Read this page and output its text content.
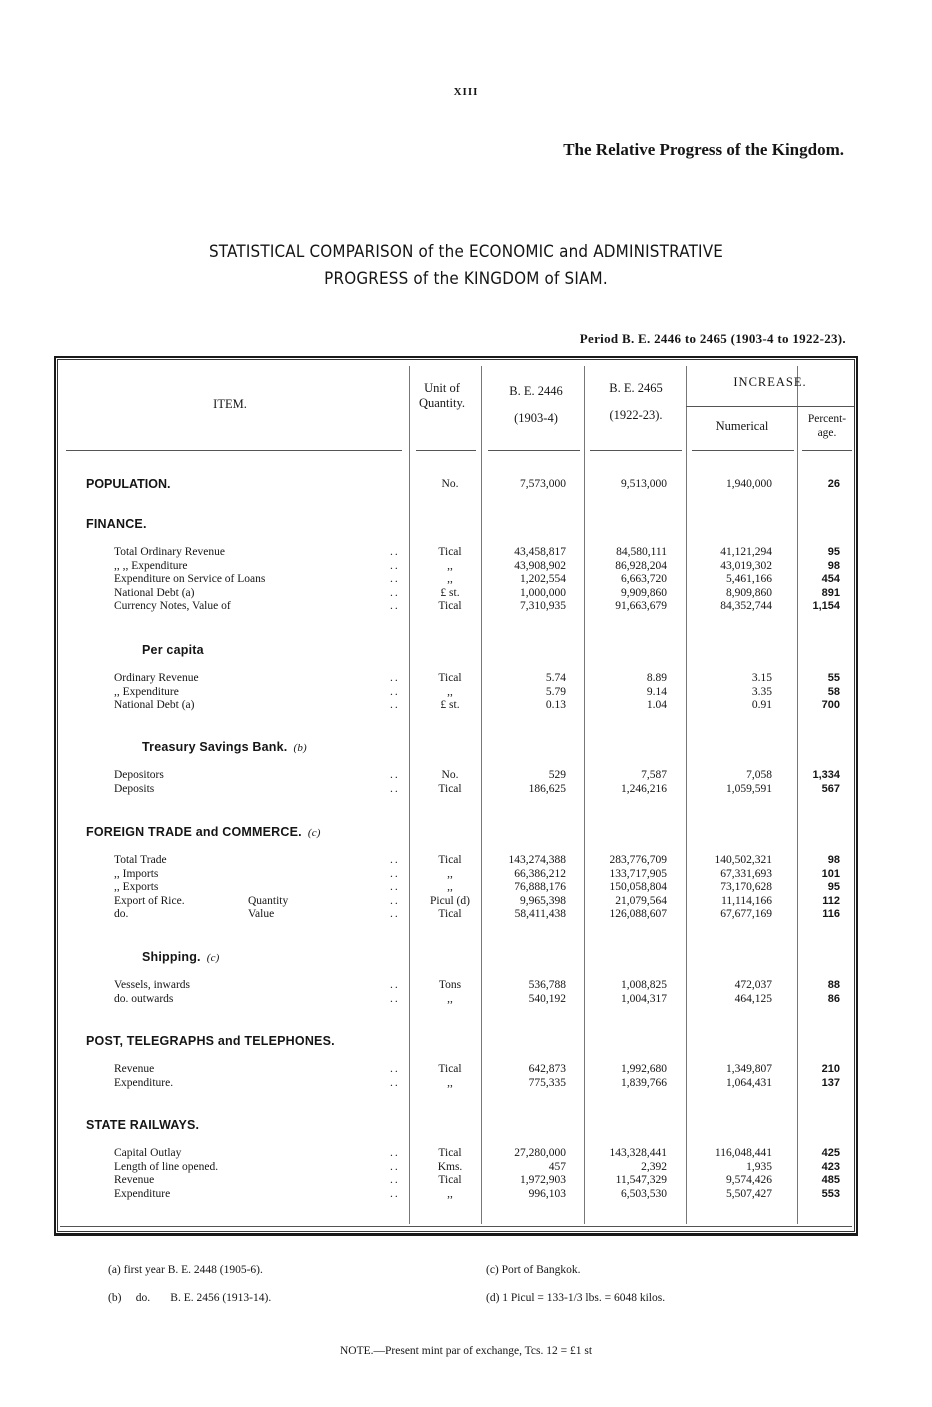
XIII
The Relative Progress of the Kingdom.
STATISTICAL COMPARISON of the ECONOMIC and ADMINISTRATIVE
PROGRESS of the KINGDOM of SIAM.
Period B. E. 2446 to 2465 (1903-4 to 1922-23).
ITEM.
Unit of Quantity.
B. E. 2446
(1903-4)
B. E. 2465
(1922-23).
INCREASE.
Numerical	Percent-age.
POPULATION.	No.	7,573,000	9,513,000	1,940,000	26
FINANCE.
Per capita
Treasury Savings Bank. (b)
FOREIGN TRADE and COMMERCE. (c)
Shipping. (c)
POST, TELEGRAPHS and TELEPHONES.
STATE RAILWAYS.
Total Ordinary Revenue	Tical	43,458,817	84,580,111	41,121,294	95
..
,, ,, Expenditure	,,	43,908,902	86,928,204	43,019,302	98
..
Expenditure on Service of Loans	,,	1,202,554	6,663,720	5,461,166	454
..
National Debt (a)	£ st.	1,000,000	9,909,860	8,909,860	891
..
Currency Notes, Value of	Tical	7,310,935	91,663,679	84,352,744	1,154
..
Ordinary Revenue	Tical	5.74	8.89	3.15	55
..
,, Expenditure	,,	5.79	9.14	3.35	58
..
National Debt (a)	£ st.	0.13	1.04	0.91	700
..
Depositors	No.	529	7,587	7,058	1,334
..
Deposits	Tical	186,625	1,246,216	1,059,591	567
..
Total Trade	Tical	143,274,388	283,776,709	140,502,321	98
..
,, Imports	,,	66,386,212	133,717,905	67,331,693	101
..
,, Exports	,,	76,888,176	150,058,804	73,170,628	95
..
Export of Rice.	Quantity	Picul (d)	9,965,398	21,079,564	11,114,166	112
..
do.	Value	Tical	58,411,438	126,088,607	67,677,169	116
..
Vessels, inwards	Tons	536,788	1,008,825	472,037	88
..
do. outwards	,,	540,192	1,004,317	464,125	86
..
Revenue	Tical	642,873	1,992,680	1,349,807	210
..
Expenditure.	,,	775,335	1,839,766	1,064,431	137
..
Capital Outlay	Tical	27,280,000	143,328,441	116,048,441	425
..
Length of line opened.	Kms.	457	2,392	1,935	423
..
Revenue	Tical	1,972,903	11,547,329	9,574,426	485
..
Expenditure	,,	996,103	6,503,530	5,507,427	553
..
(a) first year B. E. 2448 (1905-6).
(b)     do.       B. E. 2456 (1913-14).
(c) Port of Bangkok.
(d) 1 Picul = 133-1/3 lbs. = 6048 kilos.
NOTE.—Present mint par of exchange, Tcs. 12 = £1 st
